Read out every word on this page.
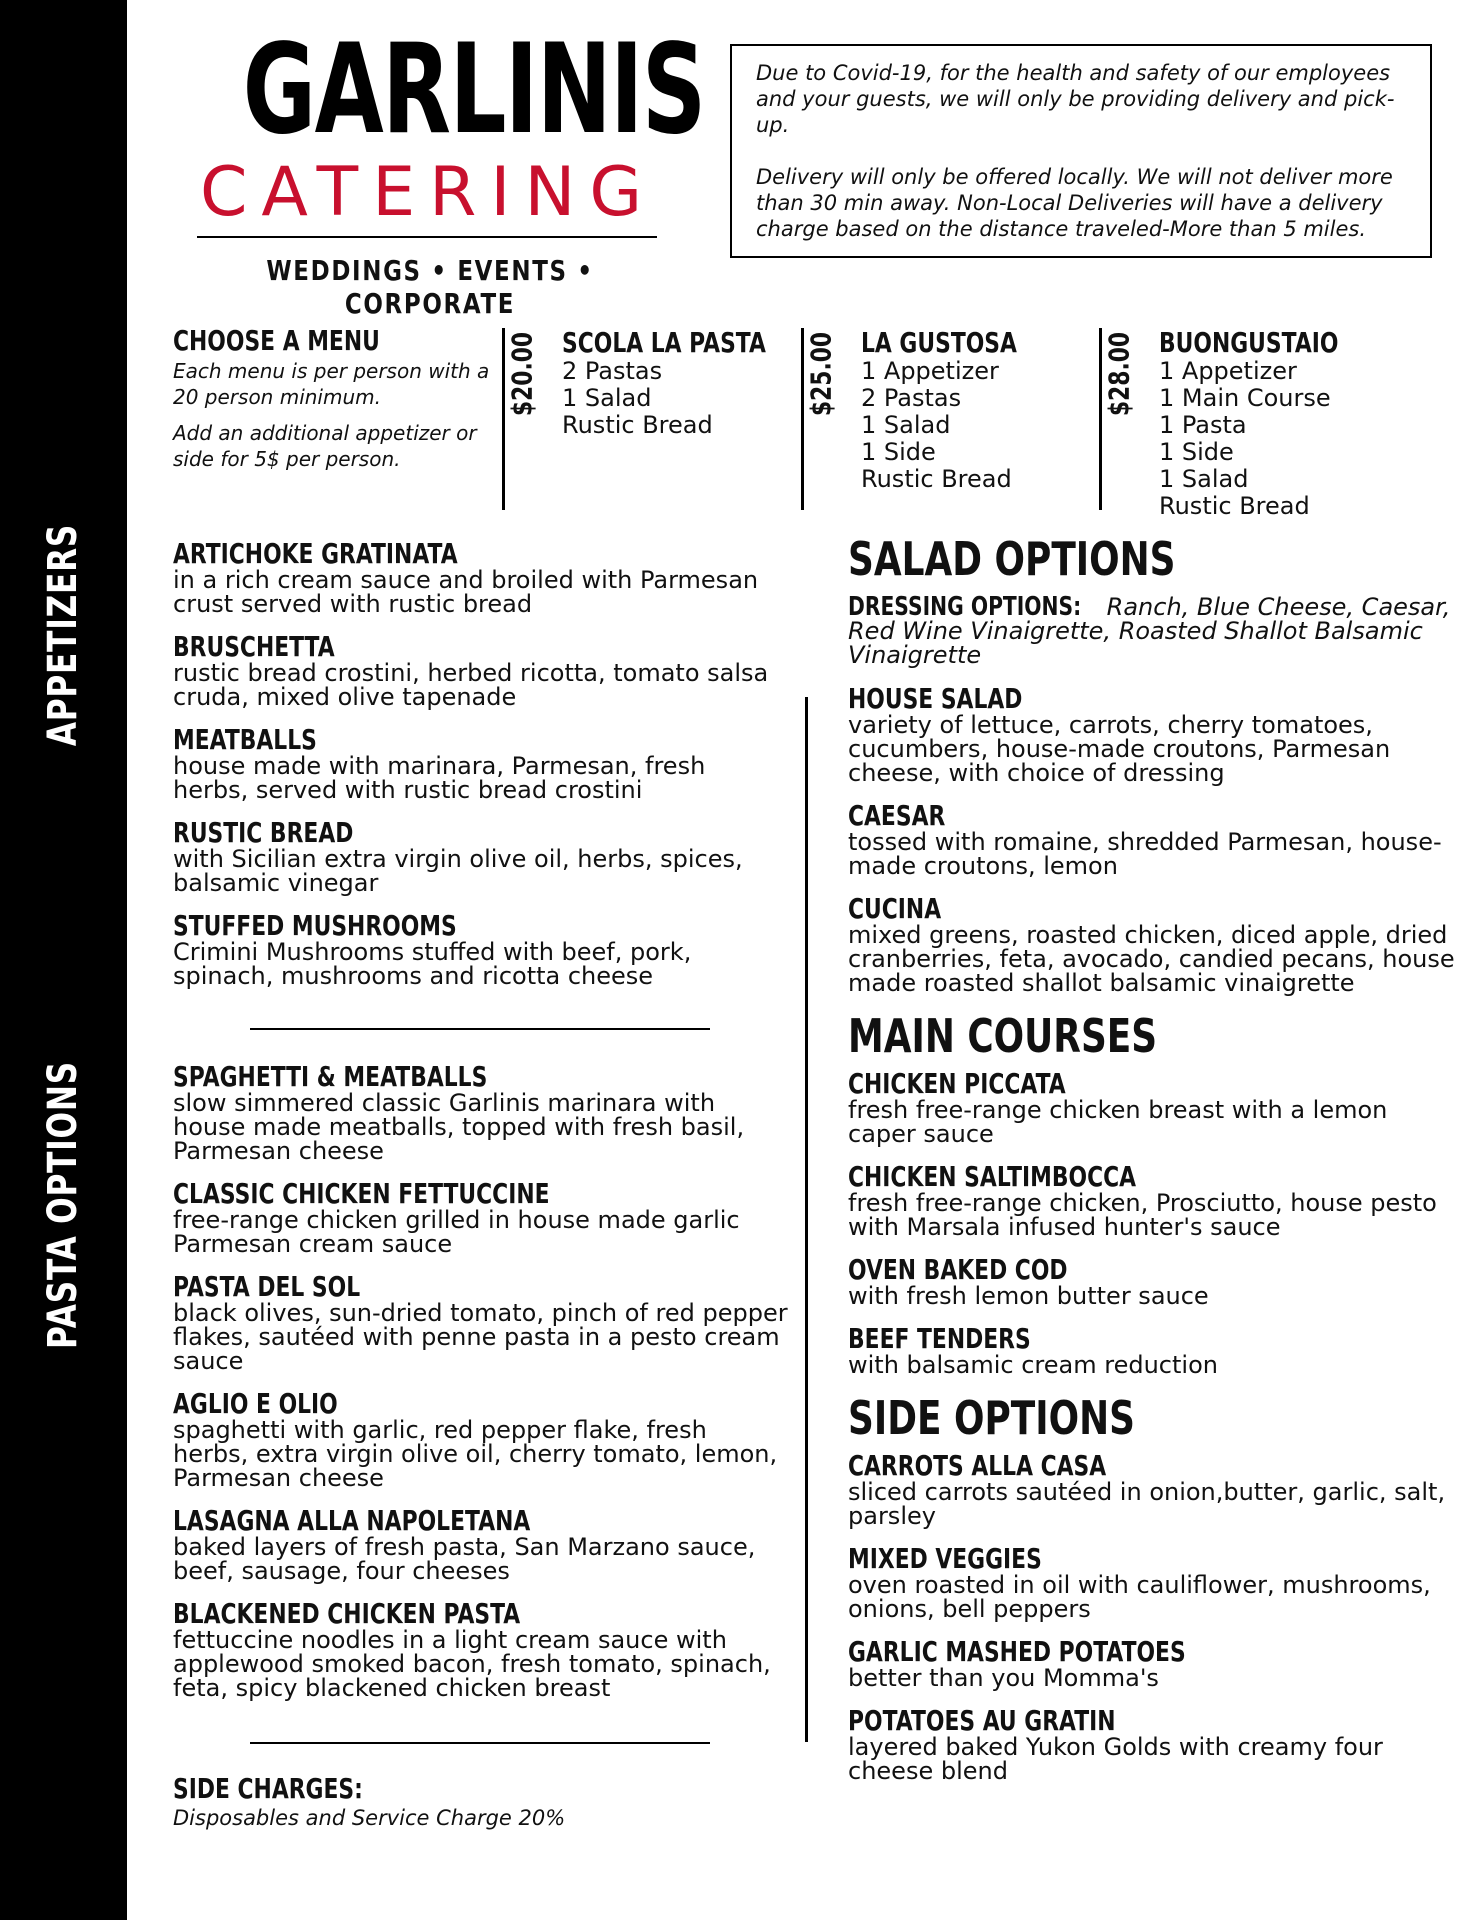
APPETIZERS
PASTA OPTIONS
GARLINIS
CATERING
WEDDINGS • EVENTS • CORPORATE

Due to Covid-19, for the health and safety of our employees and your guests, we will only be providing delivery and pick-up.

Delivery will only be offered locally. We will not deliver more than 30 min away. Non-Local Deliveries will have a delivery charge based on the distance traveled-More than 5 miles.

CHOOSE A MENU

Each menu is per person with a 20 person minimum.

Add an additional appetizer or side for 5$ per person.

$20.00 SCOLA LA PASTA
2 Pastas
1 Salad
Rustic Bread
$25.00 LA GUSTOSA
1 Appetizer
2 Pastas
1 Salad
1 Side
Rustic Bread
$28.00 BUONGUSTAIO
1 Appetizer
1 Main Course
1 Pasta
1 Side
1 Salad
Rustic Bread
ARTICHOKE GRATINATA
in a rich cream sauce and broiled with Parmesan crust served with rustic bread
BRUSCHETTA
rustic bread crostini, herbed ricotta, tomato salsa cruda, mixed olive tapenade
MEATBALLS
house made with marinara, Parmesan, fresh herbs, served with rustic bread crostini
RUSTIC BREAD
with Sicilian extra virgin olive oil, herbs, spices, balsamic vinegar
STUFFED MUSHROOMS
Crimini Mushrooms stuffed with beef, pork, spinach, mushrooms and ricotta cheese
SPAGHETTI & MEATBALLS
slow simmered classic Garlinis marinara with house made meatballs, topped with fresh basil, Parmesan cheese
CLASSIC CHICKEN FETTUCCINE
free-range chicken grilled in house made garlic Parmesan cream sauce
PASTA DEL SOL
black olives, sun-dried tomato, pinch of red pepper flakes, sautéed with penne pasta in a pesto cream sauce
AGLIO E OLIO
spaghetti with garlic, red pepper flake, fresh herbs, extra virgin olive oil, cherry tomato, lemon, Parmesan cheese
LASAGNA ALLA NAPOLETANA
baked layers of fresh pasta, San Marzano sauce, beef, sausage, four cheeses
BLACKENED CHICKEN PASTA
fettuccine noodles in a light cream sauce with applewood smoked bacon, fresh tomato, spinach, feta, spicy blackened chicken breast
SIDE CHARGES:
Disposables and Service Charge 20%
SALAD OPTIONS
DRESSING OPTIONS: Ranch, Blue Cheese, Caesar, Red Wine Vinaigrette, Roasted Shallot Balsamic Vinaigrette
HOUSE SALAD
variety of lettuce, carrots, cherry tomatoes, cucumbers, house-made croutons, Parmesan cheese, with choice of dressing
CAESAR
tossed with romaine, shredded Parmesan, house-made croutons, lemon
CUCINA
mixed greens, roasted chicken, diced apple, dried cranberries, feta, avocado, candied pecans, house made roasted shallot balsamic vinaigrette
MAIN COURSES
CHICKEN PICCATA
fresh free-range chicken breast with a lemon caper sauce
CHICKEN SALTIMBOCCA
fresh free-range chicken, Prosciutto, house pesto with Marsala infused hunter's sauce
OVEN BAKED COD
with fresh lemon butter sauce
BEEF TENDERS
with balsamic cream reduction
SIDE OPTIONS
CARROTS ALLA CASA
sliced carrots sautéed in onion,butter, garlic, salt, parsley
MIXED VEGGIES
oven roasted in oil with cauliflower, mushrooms, onions, bell peppers
GARLIC MASHED POTATOES
better than you Momma's
POTATOES AU GRATIN
layered baked Yukon Golds with creamy four cheese blend
